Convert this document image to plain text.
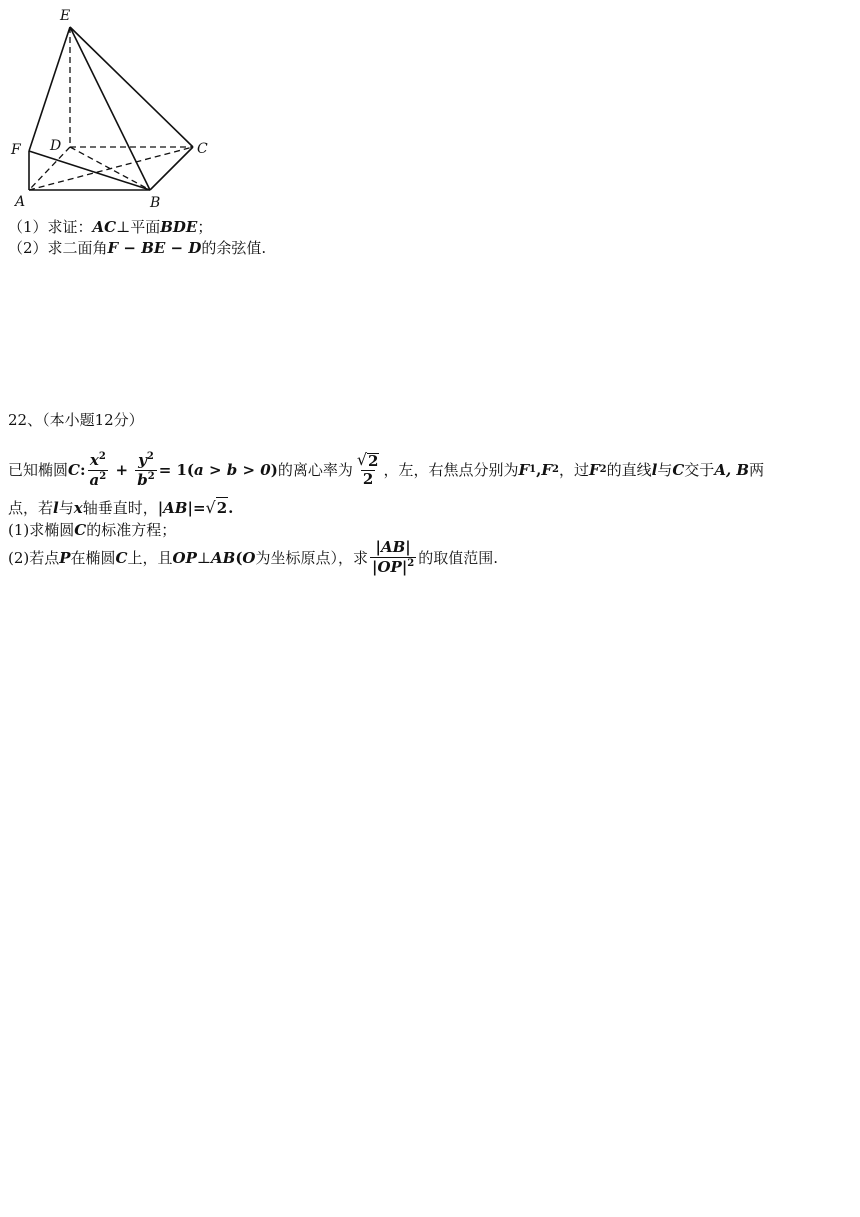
E
F D	C
A	B
（1）求证：AC⊥平面BDE；
（2）求二面角F − BE − D的余弦值.
22、（本小题12分）
已知椭圆 C : $\frac{x^2}{a^2} + \frac{y^2}{b^2} = 1$( a > b > 0 ) 的离心率为 $\frac{√ 2}{2}$ ，左，右焦点分别为 F 1 , F 2 ，过 F 2 的直线 l 与 C 交于 A, B 两
点，若 l 与 x 轴垂直时， |AB| = √ 2 .
(1)求椭圆C的标准方程；
(2)若点 P 在椭圆 C 上，且 OP ⊥ AB ( O 为坐标原点），求 $\frac{|AB|}{|OP|^2}$ 的取值范围.
